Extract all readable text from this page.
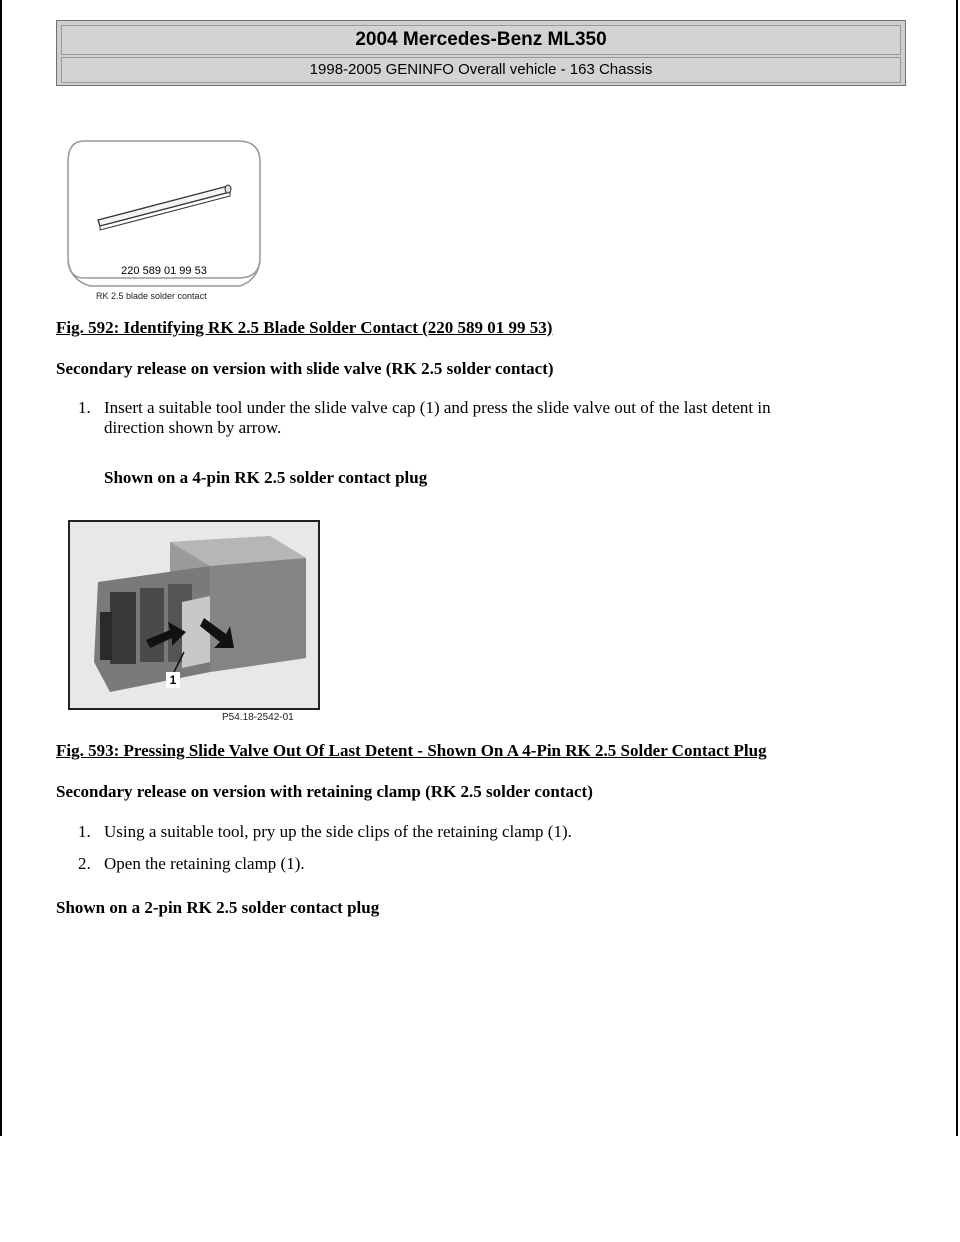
2004 Mercedes-Benz ML350
1998-2005 GENINFO Overall vehicle - 163 Chassis
220 589 01 99 53
RK 2.5 blade solder contact
Fig. 592: Identifying RK 2.5 Blade Solder Contact (220 589 01 99 53)
Secondary release on version with slide valve (RK 2.5 solder contact)
1. Insert a suitable tool under the slide valve cap (1) and press the slide valve out of the last detent in
direction shown by arrow.
Shown on a 4-pin RK 2.5 solder contact plug
1
P54.18-2542-01
Fig. 593: Pressing Slide Valve Out Of Last Detent - Shown On A 4-Pin RK 2.5 Solder Contact Plug
Secondary release on version with retaining clamp (RK 2.5 solder contact)
1. Using a suitable tool, pry up the side clips of the retaining clamp (1).
2. Open the retaining clamp (1).
Shown on a 2-pin RK 2.5 solder contact plug
